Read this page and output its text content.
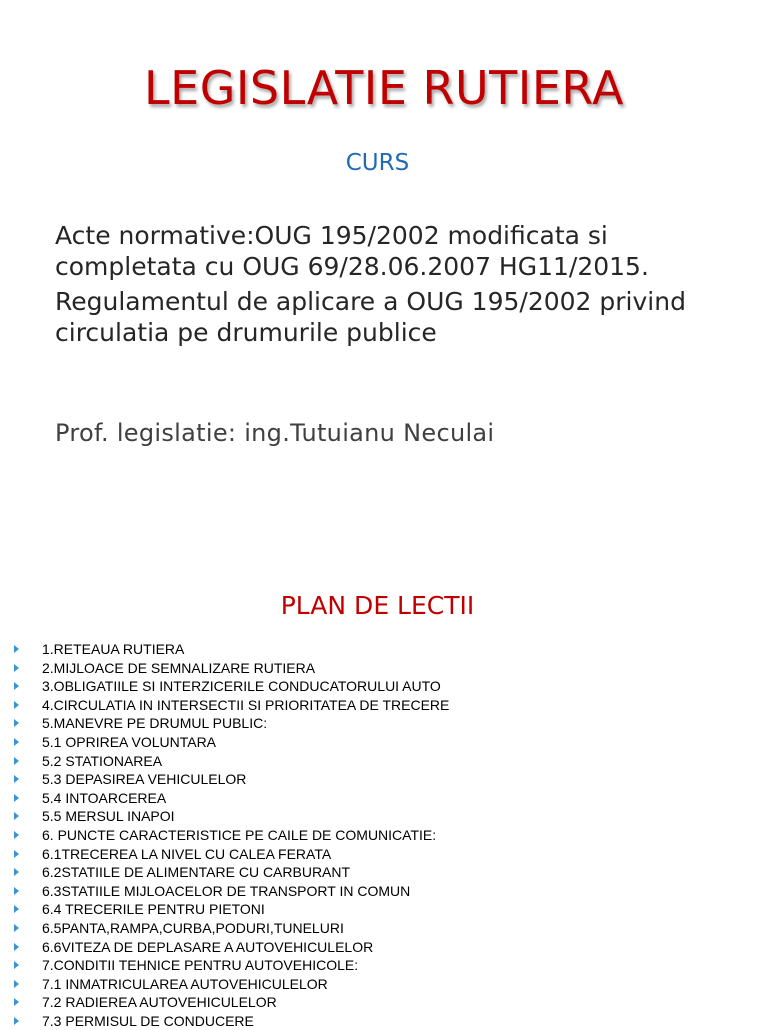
LEGISLATIE RUTIERA
CURS

Acte normative:OUG 195/2002 modificata si completata cu OUG 69/28.06.2007 HG11/2015.

Regulamentul de aplicare a OUG 195/2002 privind circulatia pe drumurile publice

Prof. legislatie: ing.Tutuianu Neculai
PLAN DE LECTII
1.RETEAUA RUTIERA
2.MIJLOACE DE SEMNALIZARE RUTIERA
3.OBLIGATIILE SI INTERZICERILE CONDUCATORULUI AUTO
4.CIRCULATIA IN INTERSECTII SI PRIORITATEA DE TRECERE
5.MANEVRE PE DRUMUL PUBLIC:
5.1 OPRIREA VOLUNTARA
5.2 STATIONAREA
5.3 DEPASIREA VEHICULELOR
5.4 INTOARCEREA
5.5 MERSUL INAPOI
6. PUNCTE CARACTERISTICE PE CAILE DE COMUNICATIE:
6.1TRECEREA LA NIVEL CU CALEA FERATA
6.2STATIILE DE ALIMENTARE CU CARBURANT
6.3STATIILE MIJLOACELOR DE TRANSPORT IN COMUN
6.4 TRECERILE PENTRU PIETONI
6.5PANTA,RAMPA,CURBA,PODURI,TUNELURI
6.6VITEZA DE DEPLASARE A AUTOVEHICULELOR
7.CONDITII TEHNICE PENTRU AUTOVEHICOLE:
7.1 INMATRICULAREA AUTOVEHICULELOR
7.2 RADIEREA AUTOVEHICULELOR
7.3 PERMISUL DE CONDUCERE
